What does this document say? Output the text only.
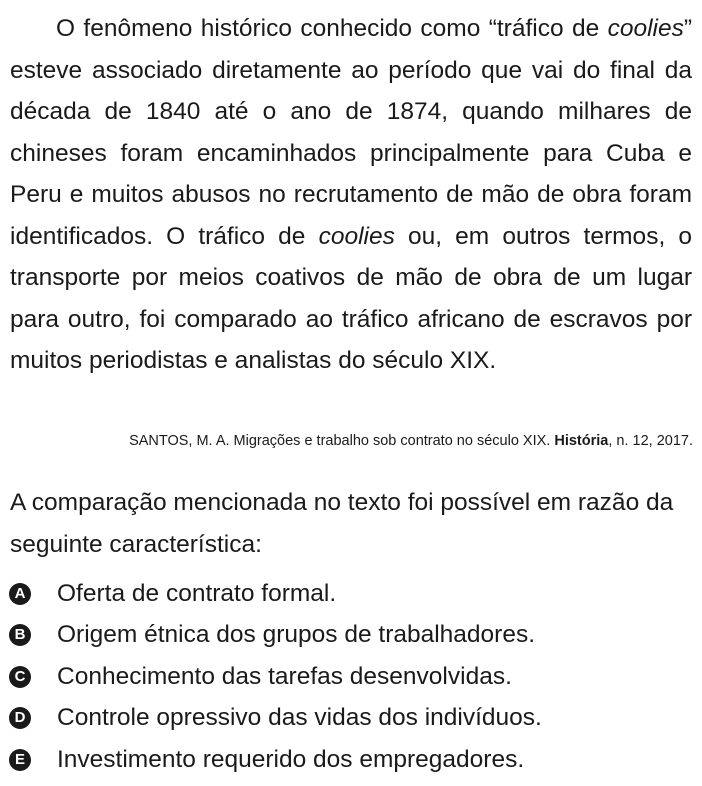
O fenômeno histórico conhecido como “tráfico de coolies” esteve associado diretamente ao período que vai do final da década de 1840 até o ano de 1874, quando milhares de chineses foram encaminhados principalmente para Cuba e Peru e muitos abusos no recrutamento de mão de obra foram identificados. O tráfico de coolies ou, em outros termos, o transporte por meios coativos de mão de obra de um lugar para outro, foi comparado ao tráfico africano de escravos por muitos periodistas e analistas do século XIX.

SANTOS, M. A. Migrações e trabalho sob contrato no século XIX. História, n. 12, 2017.

A comparação mencionada no texto foi possível em razão da seguinte característica:

A Oferta de contrato formal.
B Origem étnica dos grupos de trabalhadores.
C Conhecimento das tarefas desenvolvidas.
D Controle opressivo das vidas dos indivíduos.
E Investimento requerido dos empregadores.
